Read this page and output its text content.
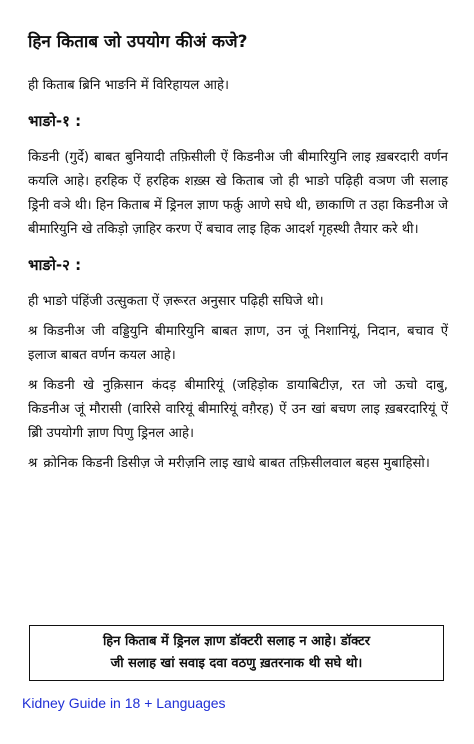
हिन किताब जो उपयोग कीअं कजे?
ही किताब ब्रिनि भाङनि में विरिहायल आहे।
भाङो-१ :
किडनी (गुर्दे) बाबत बुनियादी तफ़िसीली ऐं किडनीअ जी बीमारियुनि लाइ ख़बरदारी वर्णन कयलि आहे। हरहिक ऐं हरहिक शख़्स खे किताब जो ही भाङो पढ़िही वञण जी सलाह ड्रिनी वञे थी। हिन किताब में ड्रिनल ज्ञाण फर्क़ु आणे सघे थी, छाकाणि त उहा किडनीअ जे बीमारियुनि खे तकिड़ो ज़ाहिर करण ऐं बचाव लाइ हिक आदर्श गृहस्थी तैयार करे थी।
भाङो-२ :
ही भाङो पंहिंजी उत्सुकता ऐं ज़रूरत अनुसार पढ़िही सघिजे थो।
श्र किडनीअ जी वड्डियुनि बीमारियुनि बाबत ज्ञाण, उन जूं निशानियूं, निदान, बचाव ऐं इलाज बाबत वर्णन कयल आहे।
श्र किडनी खे नुक़िसान कंदड़ बीमारियूं (जहिड़ोक डायाबिटीज़, रत जो ऊचो दाबु, किडनीअ जूं मौरासी (वारिसे वारियूं बीमारियूं वग़ैरह) ऐं उन खां बचण लाइ ख़बरदारियूं ऐं ब्रिी उपयोगी ज्ञाण पिणु ड्रिनल आहे।
श्र क्रोनिक किडनी डिसीज़ जे मरीज़नि लाइ खाधे बाबत तफ़िसीलवाल बहस मुबाहिसो।
हिन किताब में ड्रिनल ज्ञाण डॉक्टरी सलाह न आहे। डॉक्टर
जी सलाह खां सवाइ दवा वठणु ख़तरनाक थी सघे थो।
Kidney Guide in 18 + Languages
